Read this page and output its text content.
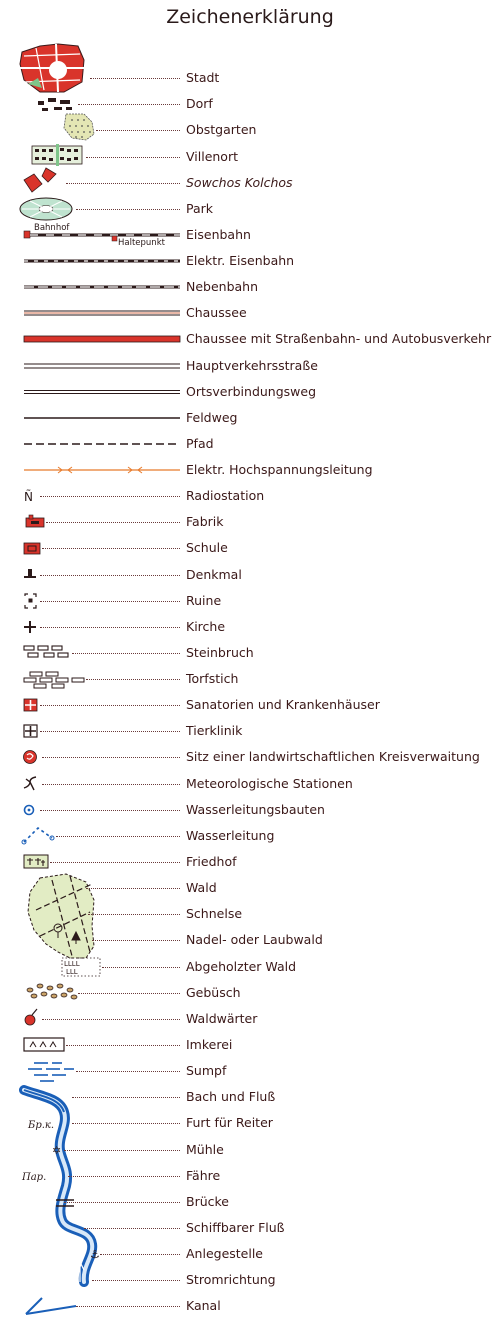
Zeichenerklärung
Bahnhof
Haltepunkt
Ñ
LLLL
LLL
Бр.к.
✡
Пар.
⚓
Stadt
Dorf
Obstgarten
Villenort
Sowchos Kolchos
Park
Eisenbahn
Elektr. Eisenbahn
Nebenbahn
Chaussee
Chaussee mit Straßenbahn- und Autobusverkehr
Hauptverkehrsstraße
Ortsverbindungsweg
Feldweg
Pfad
Elektr. Hochspannungsleitung
Radiostation
Fabrik
Schule
Denkmal
Ruine
Kirche
Steinbruch
Torfstich
Sanatorien und Krankenhäuser
Tierklinik
Sitz einer landwirtschaftlichen Kreisverwaitung
Meteorologische Stationen
Wasserleitungsbauten
Wasserleitung
Friedhof
Wald
Schnelse
Nadel- oder Laubwald
Abgeholzter Wald
Gebüsch
Waldwärter
Imkerei
Sumpf
Bach und Fluß
Furt für Reiter
Mühle
Fähre
Brücke
Schiffbarer Fluß
Anlegestelle
Stromrichtung
Kanal
